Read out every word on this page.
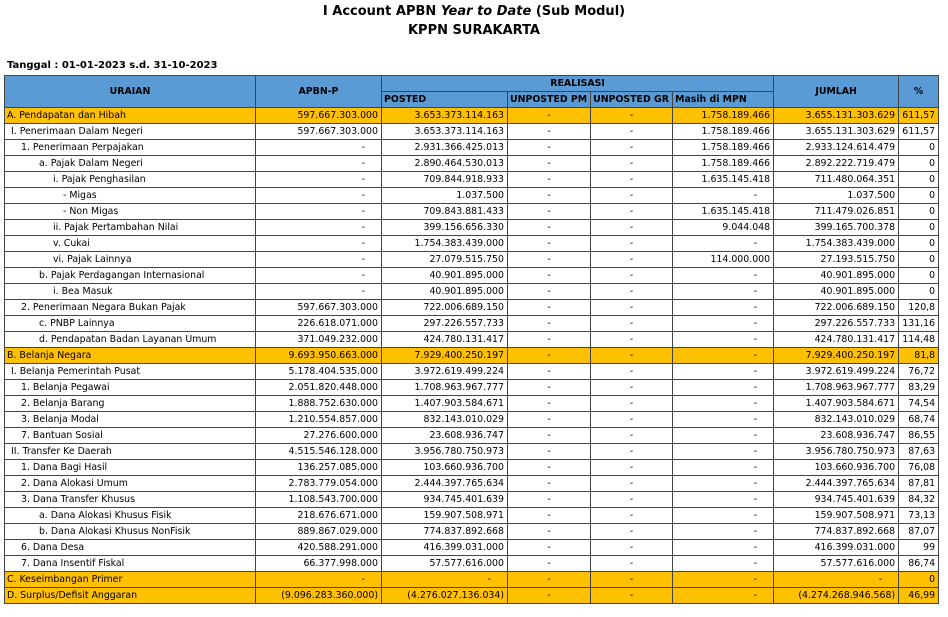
I Account APBN Year to Date (Sub Modul)
KPPN SURAKARTA
Tanggal : 01-01-2023 s.d. 31-10-2023
URAIAN	APBN-P	REALISASI				JUMLAH	%
		POSTED	UNPOSTED PM	UNPOSTED GR	Masih di MPN		
A. Pendapatan dan Hibah	597.667.303.000	3.653.373.114.163	-	-	1.758.189.466	3.655.131.303.629	611,57
I. Penerimaan Dalam Negeri	597.667.303.000	3.653.373.114.163	-	-	1.758.189.466	3.655.131.303.629	611,57
1. Penerimaan Perpajakan	-	2.931.366.425.013	-	-	1.758.189.466	2.933.124.614.479	0
a. Pajak Dalam Negeri	-	2.890.464.530.013	-	-	1.758.189.466	2.892.222.719.479	0
i. Pajak Penghasilan	-	709.844.918.933	-	-	1.635.145.418	711.480.064.351	0
- Migas	-	1.037.500	-	-	-	1.037.500	0
- Non Migas	-	709.843.881.433	-	-	1.635.145.418	711.479.026.851	0
ii. Pajak Pertambahan Nilai	-	399.156.656.330	-	-	9.044.048	399.165.700.378	0
v. Cukai	-	1.754.383.439.000	-	-	-	1.754.383.439.000	0
vi. Pajak Lainnya	-	27.079.515.750	-	-	114.000.000	27.193.515.750	0
b. Pajak Perdagangan Internasional	-	40.901.895.000	-	-	-	40.901.895.000	0
i. Bea Masuk	-	40.901.895.000	-	-	-	40.901.895.000	0
2. Penerimaan Negara Bukan Pajak	597.667.303.000	722.006.689.150	-	-	-	722.006.689.150	120,8
c. PNBP Lainnya	226.618.071.000	297.226.557.733	-	-	-	297.226.557.733	131,16
d. Pendapatan Badan Layanan Umum	371.049.232.000	424.780.131.417	-	-	-	424.780.131.417	114,48
B. Belanja Negara	9.693.950.663.000	7.929.400.250.197	-	-	-	7.929.400.250.197	81,8
I. Belanja Pemerintah Pusat	5.178.404.535.000	3.972.619.499.224	-	-	-	3.972.619.499.224	76,72
1. Belanja Pegawai	2.051.820.448.000	1.708.963.967.777	-	-	-	1.708.963.967.777	83,29
2. Belanja Barang	1.888.752.630.000	1.407.903.584.671	-	-	-	1.407.903.584.671	74,54
3. Belanja Modal	1.210.554.857.000	832.143.010.029	-	-	-	832.143.010.029	68,74
7. Bantuan Sosial	27.276.600.000	23.608.936.747	-	-	-	23.608.936.747	86,55
II. Transfer Ke Daerah	4.515.546.128.000	3.956.780.750.973	-	-	-	3.956.780.750.973	87,63
1. Dana Bagi Hasil	136.257.085.000	103.660.936.700	-	-	-	103.660.936.700	76,08
2. Dana Alokasi Umum	2.783.779.054.000	2.444.397.765.634	-	-	-	2.444.397.765.634	87,81
3. Dana Transfer Khusus	1.108.543.700.000	934.745.401.639	-	-	-	934.745.401.639	84,32
a. Dana Alokasi Khusus Fisik	218.676.671.000	159.907.508.971	-	-	-	159.907.508.971	73,13
b. Dana Alokasi Khusus NonFisik	889.867.029.000	774.837.892.668	-	-	-	774.837.892.668	87,07
6. Dana Desa	420.588.291.000	416.399.031.000	-	-	-	416.399.031.000	99
7. Dana Insentif Fiskal	66.377.998.000	57.577.616.000	-	-	-	57.577.616.000	86,74
C. Keseimbangan Primer	-	-	-	-	-	-	0
D. Surplus/Defisit Anggaran	(9.096.283.360.000)	(4.276.027.136.034)	-	-	-	(4.274.268.946.568)	46,99
